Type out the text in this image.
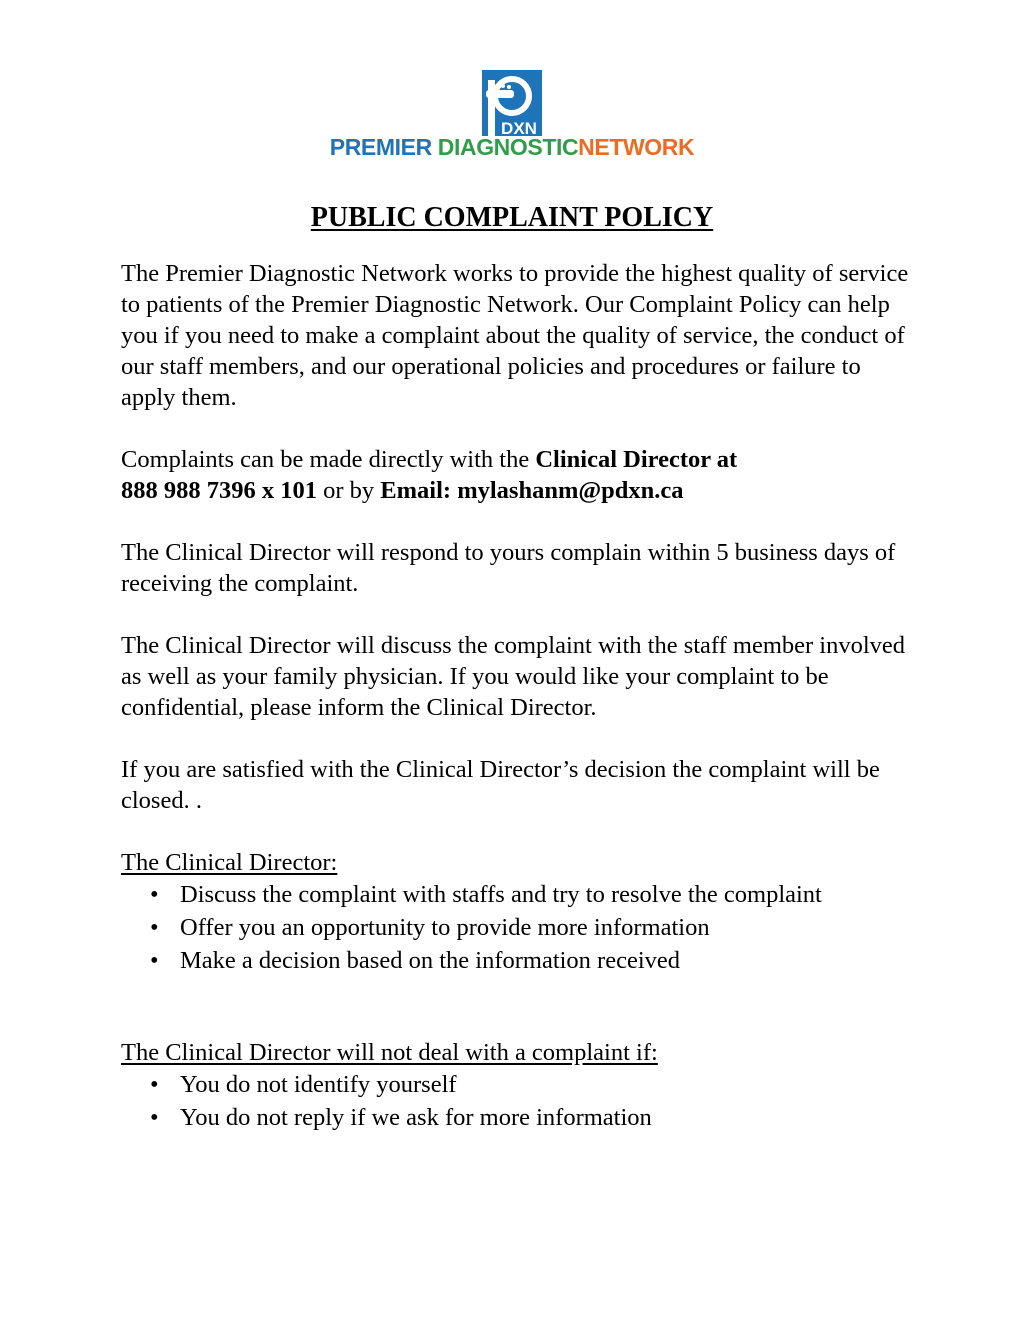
DXN
PREMIER DIAGNOSTICNETWORK
PUBLIC COMPLAINT POLICY

The Premier Diagnostic Network works to provide the highest quality of service to patients of the Premier Diagnostic Network. Our Complaint Policy can help you if you need to make a complaint about the quality of service, the conduct of our staff members, and our operational policies and procedures or failure to apply them.

Complaints can be made directly with the Clinical Director at
888 988 7396 x 101 or by Email: mylashanm@pdxn.ca

The Clinical Director will respond to yours complain within 5 business days of receiving the complaint.

The Clinical Director will discuss the complaint with the staff member involved as well as your family physician. If you would like your complaint to be confidential, please inform the Clinical Director.

If you are satisfied with the Clinical Director’s decision the complaint will be closed. .

The Clinical Director:

• Discuss the complaint with staffs and try to resolve the complaint
• Offer you an opportunity to provide more information
• Make a decision based on the information received

The Clinical Director will not deal with a complaint if:

• You do not identify yourself
• You do not reply if we ask for more information
